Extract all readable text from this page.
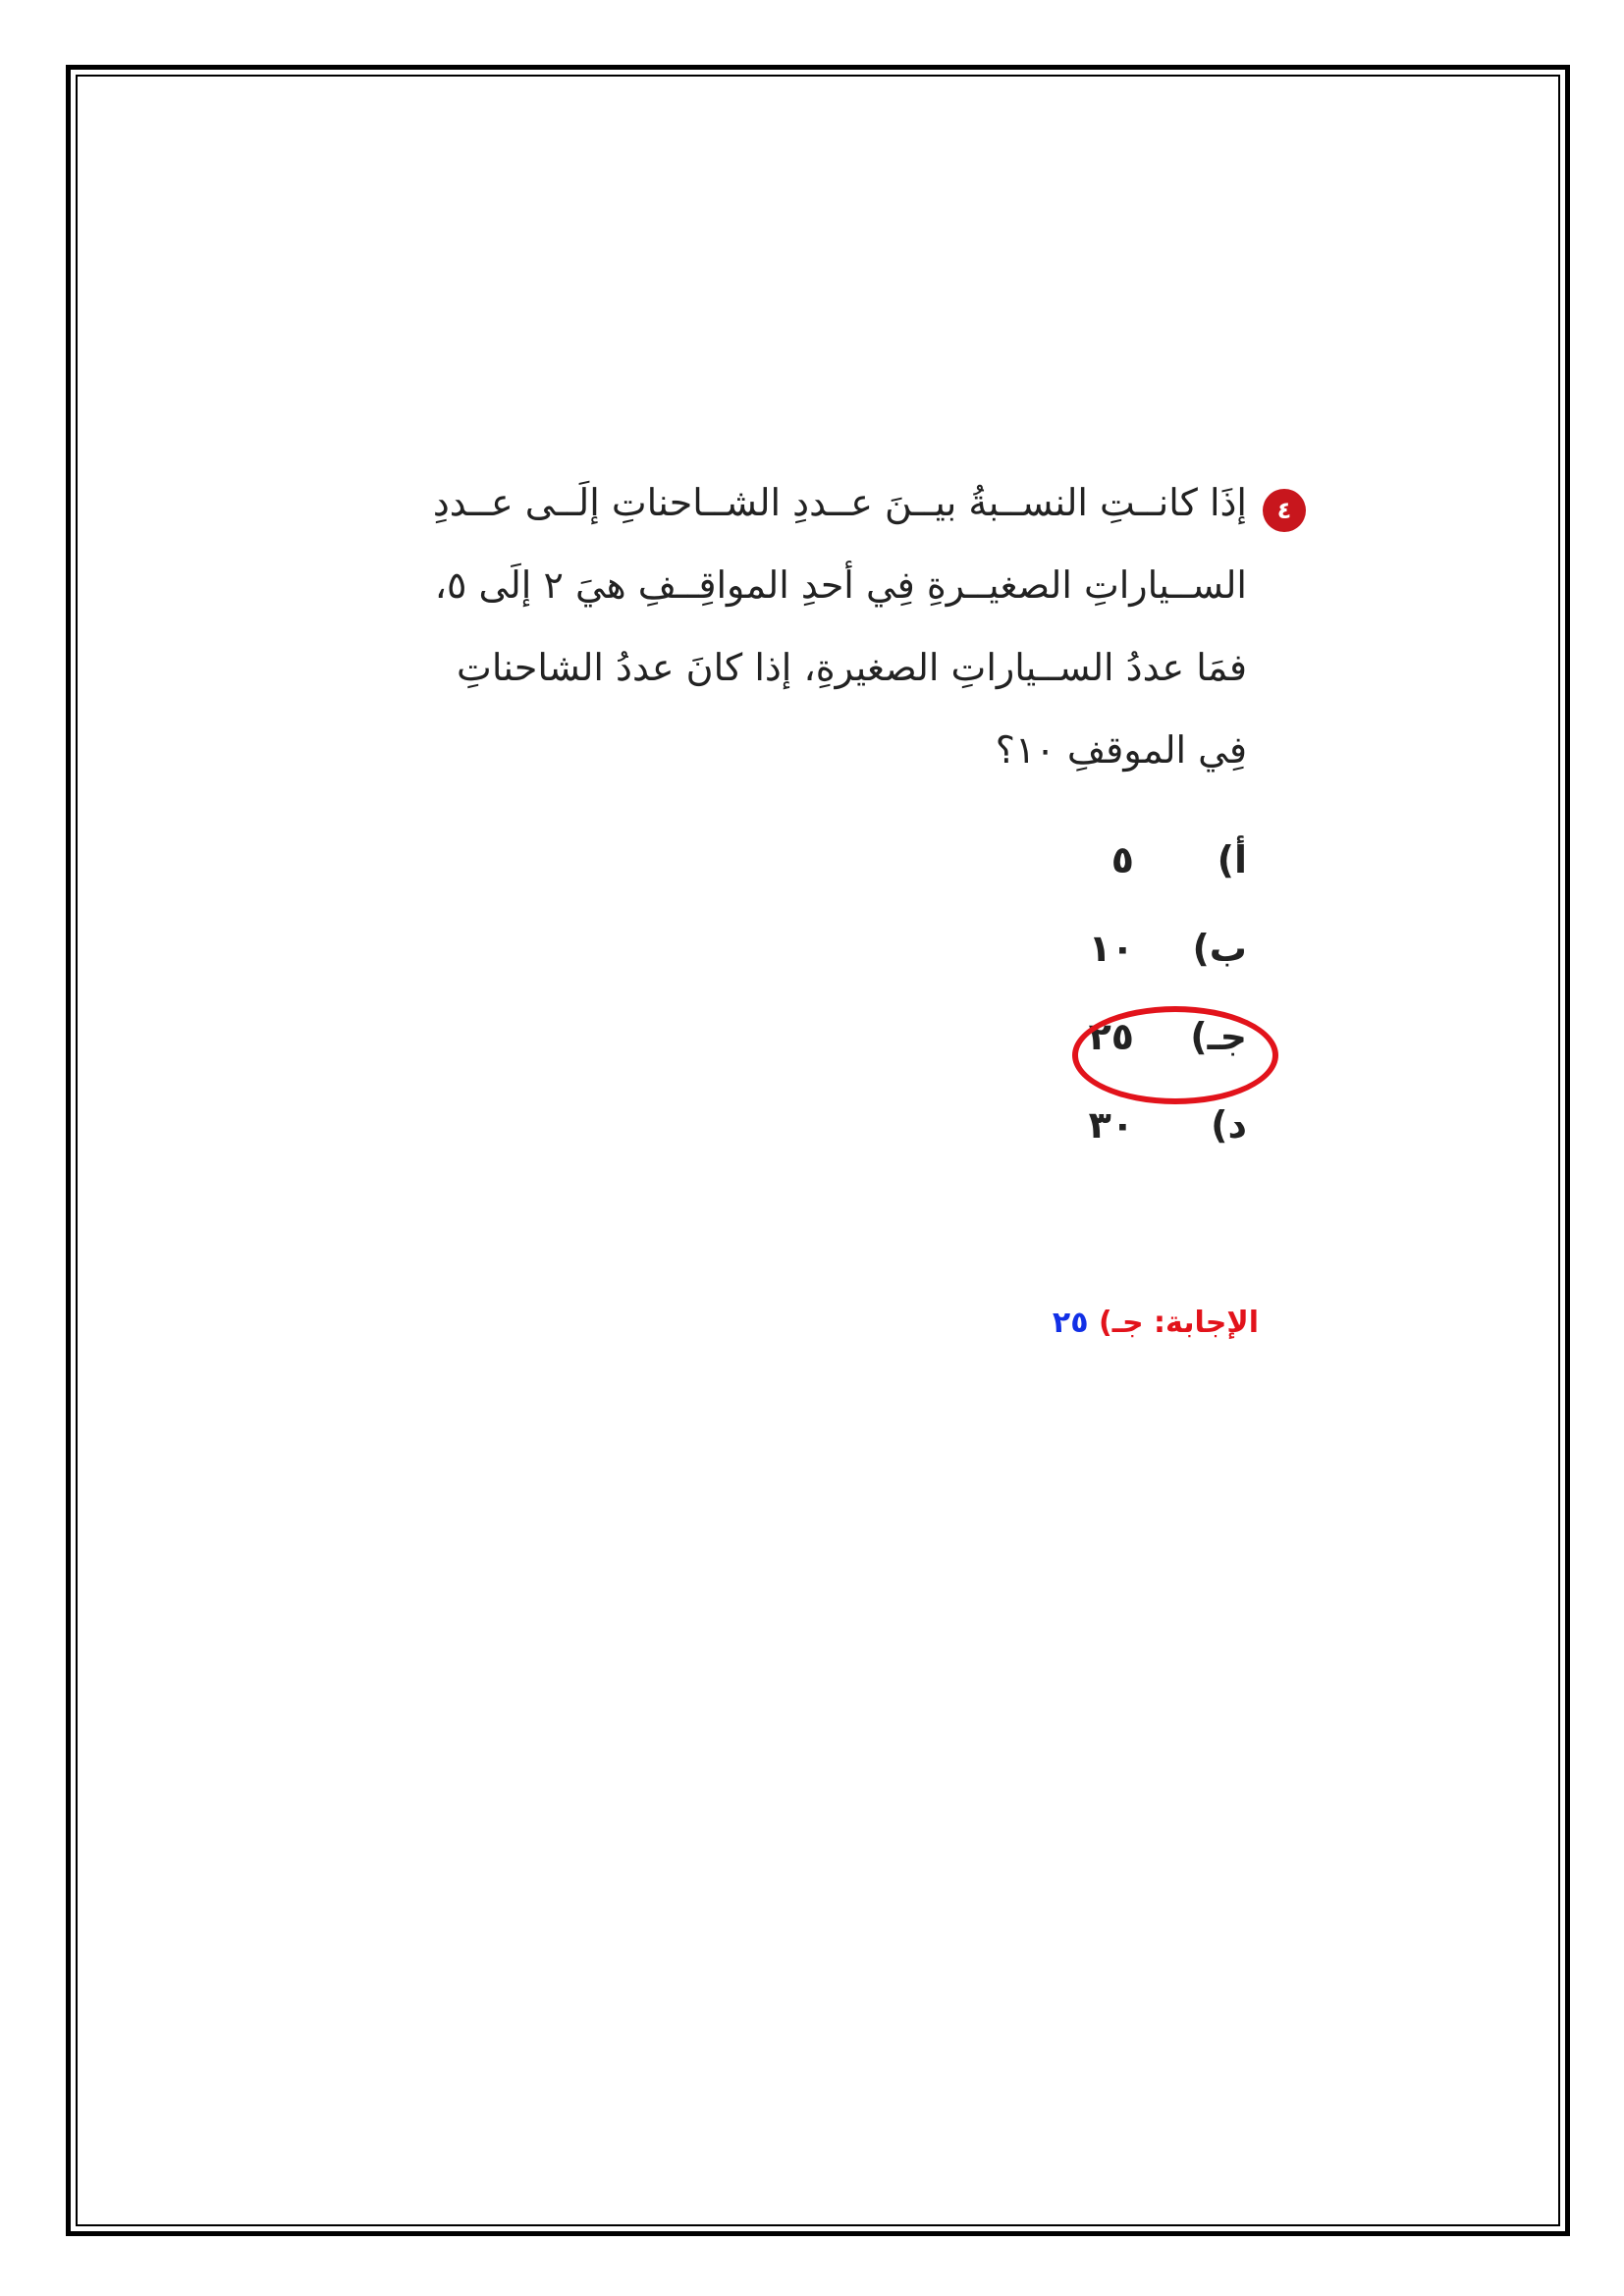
٤
إذَا كانــتِ النســبةُ بيــنَ عــددِ الشــاحناتِ إلَــى عــددِ
الســياراتِ الصغيــرةِ فِي أحدِ المواقِــفِ هيَ ٢ إلَى ٥،
فمَا عددُ الســياراتِ الصغيرةِ، إذا كانَ عددُ الشاحناتِ
فِي الموقفِ ١٠؟
أ)
٥
ب)
١٠
جـ)
٢٥
د)
٣٠
الإجابة: جـ) ٢٥
